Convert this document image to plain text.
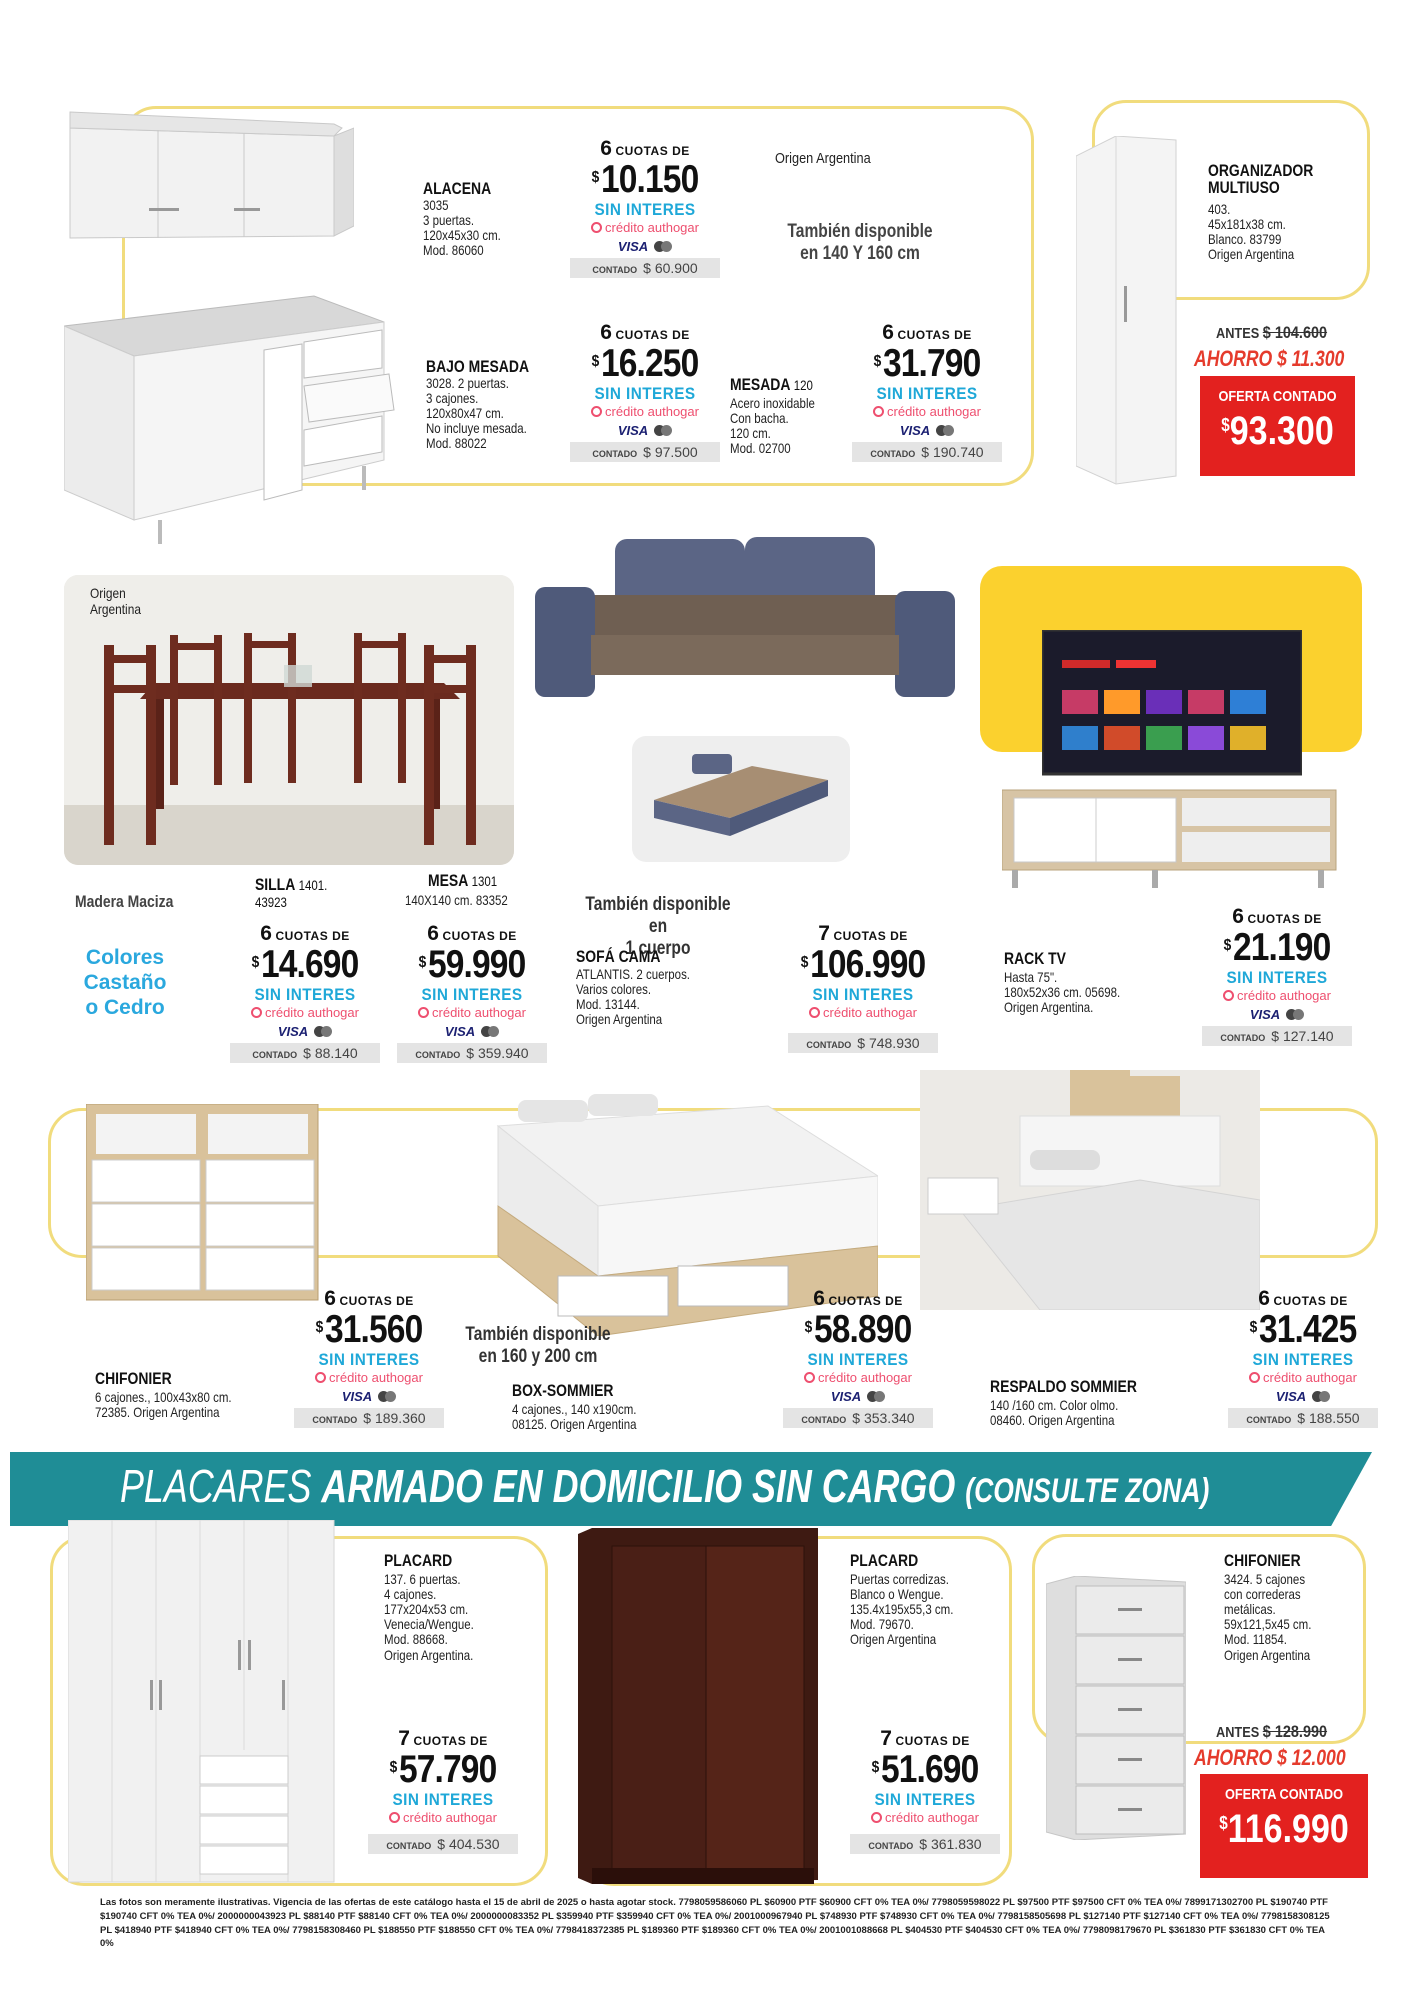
ALACENA
3035
3 puertas.
120x45x30 cm.
Mod. 86060
6 CUOTAS DE
$10.150
SIN INTERES
crédito authogar
VISA
CONTADO $ 60.900
Origen Argentina
También disponible
en 140 Y 160 cm
BAJO MESADA
3028. 2 puertas.
3 cajones.
120x80x47 cm.
No incluye mesada.
Mod. 88022
6 CUOTAS DE
$16.250
SIN INTERES
crédito authogar
VISA
CONTADO $ 97.500
MESADA 120
Acero inoxidable
Con bacha.
120 cm.
Mod. 02700
6 CUOTAS DE
$31.790
SIN INTERES
crédito authogar
VISA
CONTADO $ 190.740
ORGANIZADOR
MULTIUSO
403.
45x181x38 cm.
Blanco. 83799
Origen Argentina
ANTES $ 104.600
AHORRO $ 11.300
OFERTA CONTADO
$93.300
Origen
Argentina
Madera Maciza
Colores
Castaño
o Cedro
SILLA 1401.
43923
6 CUOTAS DE
$14.690
SIN INTERES
crédito authogar
VISA
CONTADO $ 88.140
MESA 1301
140X140 cm. 83352
6 CUOTAS DE
$59.990
SIN INTERES
crédito authogar
VISA
CONTADO $ 359.940
También disponible en
1 cuerpo
SOFÁ CAMA
ATLANTIS. 2 cuerpos.
Varios colores.
Mod. 13144.
Origen Argentina
7 CUOTAS DE
$106.990
SIN INTERES
crédito authogar
CONTADO $ 748.930
RACK TV
Hasta 75".
180x52x36 cm. 05698.
Origen Argentina.
6 CUOTAS DE
$21.190
SIN INTERES
crédito authogar
VISA
CONTADO $ 127.140
CHIFONIER
6 cajones., 100x43x80 cm.
72385. Origen Argentina
6 CUOTAS DE
$31.560
SIN INTERES
crédito authogar
VISA
CONTADO $ 189.360
También disponible
en 160 y 200 cm
BOX-SOMMIER
4 cajones., 140 x190cm.
08125. Origen Argentina
6 CUOTAS DE
$58.890
SIN INTERES
crédito authogar
VISA
CONTADO $ 353.340
RESPALDO SOMMIER
140 /160 cm. Color olmo.
08460. Origen Argentina
6 CUOTAS DE
$31.425
SIN INTERES
crédito authogar
VISA
CONTADO $ 188.550
PLACARES ARMADO EN DOMICILIO SIN CARGO (CONSULTE ZONA)
PLACARD
137. 6 puertas.
4 cajones.
177x204x53 cm.
Venecia/Wengue.
Mod. 88668.
Origen Argentina.
7 CUOTAS DE
$57.790
SIN INTERES
crédito authogar
CONTADO $ 404.530
PLACARD
Puertas corredizas.
Blanco o Wengue.
135.4x195x55,3 cm.
Mod. 79670.
Origen Argentina
7 CUOTAS DE
$51.690
SIN INTERES
crédito authogar
CONTADO $ 361.830
CHIFONIER
3424. 5 cajones
con correderas
metálicas.
59x121,5x45 cm.
Mod. 11854.
Origen Argentina
ANTES $ 128.990
AHORRO $ 12.000
OFERTA CONTADO
$116.990
Las fotos son meramente ilustrativas. Vigencia de las ofertas de este catálogo hasta el 15 de abril de 2025 o hasta agotar stock. 7798059586060 PL $60900 PTF $60900 CFT 0% TEA 0%/ 7798059598022 PL $97500 PTF $97500 CFT 0% TEA 0%/ 7899171302700 PL $190740 PTF $190740 CFT 0% TEA 0%/ 2000000043923 PL $88140 PTF $88140 CFT 0% TEA 0%/ 2000000083352 PL $359940 PTF $359940 CFT 0% TEA 0%/ 2001000967940 PL $748930 PTF $748930 CFT 0% TEA 0%/ 7798158505698 PL $127140 PTF $127140 CFT 0% TEA 0%/ 7798158308125 PL $418940 PTF $418940 CFT 0% TEA 0%/ 7798158308460 PL $188550 PTF $188550 CFT 0% TEA 0%/ 7798418372385 PL $189360 PTF $189360 CFT 0% TEA 0%/ 2001001088668 PL $404530 PTF $404530 CFT 0% TEA 0%/ 7798098179670 PL $361830 PTF $361830 CFT 0% TEA 0%
